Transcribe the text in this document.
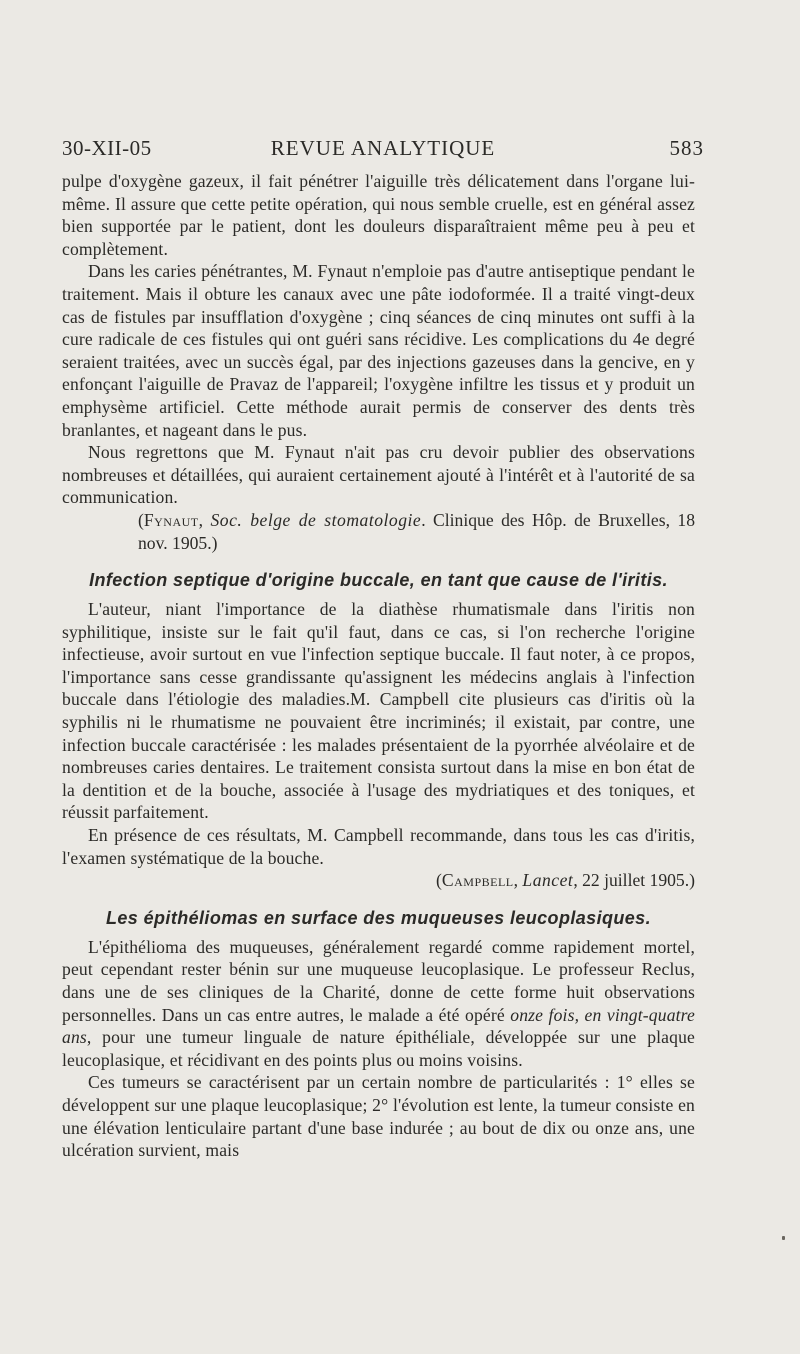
30-XII-05	REVUE ANALYTIQUE	583

pulpe d'oxygène gazeux, il fait pénétrer l'aiguille très délicatement dans l'organe lui-même. Il assure que cette petite opération, qui nous semble cruelle, est en général assez bien supportée par le patient, dont les douleurs disparaîtraient même peu à peu et complètement.

Dans les caries pénétrantes, M. Fynaut n'emploie pas d'autre antiseptique pendant le traitement. Mais il obture les canaux avec une pâte iodoformée. Il a traité vingt-deux cas de fistules par insufflation d'oxygène ; cinq séances de cinq minutes ont suffi à la cure radicale de ces fistules qui ont guéri sans récidive. Les complications du 4e degré seraient traitées, avec un succès égal, par des injections gazeuses dans la gencive, en y enfonçant l'aiguille de Pravaz de l'appareil; l'oxygène infiltre les tissus et y produit un emphysème artificiel. Cette méthode aurait permis de conserver des dents très branlantes, et nageant dans le pus.

Nous regrettons que M. Fynaut n'ait pas cru devoir publier des observations nombreuses et détaillées, qui auraient certainement ajouté à l'intérêt et à l'autorité de sa communication.

(Fynaut, Soc. belge de stomatologie. Clinique des Hôp. de Bruxelles, 18 nov. 1905.)

Infection septique d'origine buccale, en tant que cause de l'iritis.

L'auteur, niant l'importance de la diathèse rhumatismale dans l'iritis non syphilitique, insiste sur le fait qu'il faut, dans ce cas, si l'on recherche l'origine infectieuse, avoir surtout en vue l'infection septique buccale. Il faut noter, à ce propos, l'importance sans cesse grandissante qu'assignent les médecins anglais à l'infection buccale dans l'étiologie des maladies.M. Campbell cite plusieurs cas d'iritis où la syphilis ni le rhumatisme ne pouvaient être incriminés; il existait, par contre, une infection buccale caractérisée : les malades présentaient de la pyorrhée alvéolaire et de nombreuses caries dentaires. Le traitement consista surtout dans la mise en bon état de la dentition et de la bouche, associée à l'usage des mydriatiques et des toniques, et réussit parfaitement.

En présence de ces résultats, M. Campbell recommande, dans tous les cas d'iritis, l'examen systématique de la bouche.

(Campbell, Lancet, 22 juillet 1905.)

Les épithéliomas en surface des muqueuses leucoplasiques.

L'épithélioma des muqueuses, généralement regardé comme rapidement mortel, peut cependant rester bénin sur une muqueuse leucoplasique. Le professeur Reclus, dans une de ses cliniques de la Charité, donne de cette forme huit observations personnelles. Dans un cas entre autres, le malade a été opéré onze fois, en vingt-quatre ans, pour une tumeur linguale de nature épithéliale, développée sur une plaque leucoplasique, et récidivant en des points plus ou moins voisins.

Ces tumeurs se caractérisent par un certain nombre de particularités : 1° elles se développent sur une plaque leucoplasique; 2° l'évolution est lente, la tumeur consiste en une élévation lenticulaire partant d'une base indurée ; au bout de dix ou onze ans, une ulcération survient, mais
